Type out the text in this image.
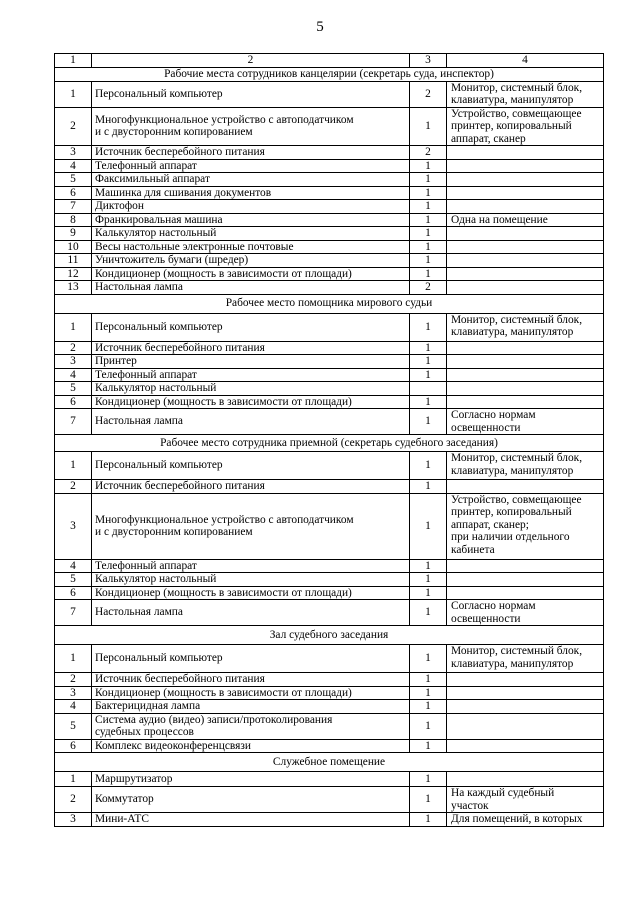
5
1	2	3	4
Рабочие места сотрудников канцелярии (секретарь суда, инспектор)			

1	Персональный компьютер	2	Монитор, системный блок,
клавиатура, манипулятор

2	Многофункциональное устройство с автоподатчиком
и с двусторонним копированием	1	Устройство, совмещающее
принтер, копировальный
аппарат, сканер

3	Источник бесперебойного питания	2	

4	Телефонный аппарат	1	

5	Факсимильный аппарат	1	

6	Машинка для сшивания документов	1	

7	Диктофон	1	

8	Франкировальная машина	1	Одна на помещение

9	Калькулятор настольный	1	

10	Весы настольные электронные почтовые	1	

11	Уничтожитель бумаги (шредер)	1	

12	Кондиционер (мощность в зависимости от площади)	1	

13	Настольная лампа	2	

Рабочее место помощника мирового судьи			

1	Персональный компьютер	1	Монитор, системный блок,
клавиатура, манипулятор

2	Источник бесперебойного питания	1	

3	Принтер	1	

4	Телефонный аппарат	1	

5	Калькулятор настольный		

6	Кондиционер (мощность в зависимости от площади)	1	

7	Настольная лампа	1	Согласно нормам
освещенности

Рабочее место сотрудника приемной (секретарь судебного заседания)			

1	Персональный компьютер	1	Монитор, системный блок,
клавиатура, манипулятор

2	Источник бесперебойного питания	1	

3	Многофункциональное устройство с автоподатчиком
и с двусторонним копированием	1	Устройство, совмещающее
принтер, копировальный
аппарат, сканер;
при наличии отдельного
кабинета

4	Телефонный аппарат	1	

5	Калькулятор настольный	1	

6	Кондиционер (мощность в зависимости от площади)	1	

7	Настольная лампа	1	Согласно нормам
освещенности

Зал судебного заседания			

1	Персональный компьютер	1	Монитор, системный блок,
клавиатура, манипулятор

2	Источник бесперебойного питания	1	

3	Кондиционер (мощность в зависимости от площади)	1	

4	Бактерицидная лампа	1	

5	Система аудио (видео) записи/протоколирования
судебных процессов	1	

6	Комплекс видеоконференцсвязи	1	

Служебное помещение			

1	Маршрутизатор	1	

2	Коммутатор	1	На каждый судебный
участок

3	Мини-АТС	1	Для помещений, в которых
